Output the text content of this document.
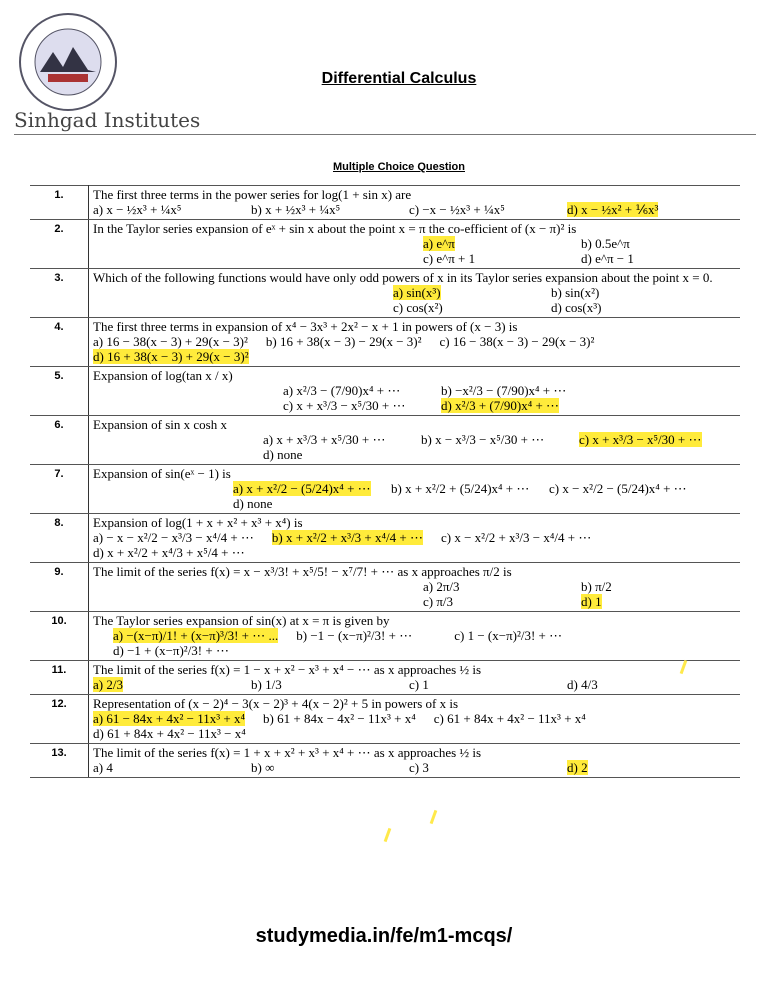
Sinhgad Institutes
Differential Calculus
Multiple Choice Question
1.	The first three terms in the power series for log(1 + sin x) are
a) x − ½x³ + ¼x⁵ b) x + ½x³ + ¼x⁵ c) −x − ½x³ + ¼x⁵ d) x − ½x² + ⅙x³

2.	In the Taylor series expansion of eˣ + sin x about the point x = π the co-efficient of (x − π)² is
a) e^π b) 0.5e^π
c) e^π + 1 d) e^π − 1

3.	Which of the following functions would have only odd powers of x in its Taylor series expansion about the point x = 0.
a) sin(x³) b) sin(x²)
c) cos(x²) d) cos(x³)

4.	The first three terms in expansion of x⁴ − 3x³ + 2x² − x + 1 in powers of (x − 3) is
a) 16 − 38(x − 3) + 29(x − 3)² b) 16 + 38(x − 3) − 29(x − 3)² c) 16 − 38(x − 3) − 29(x − 3)²
d) 16 + 38(x − 3) + 29(x − 3)²

5.	Expansion of log(tan x / x)
a) x²/3 − (7/90)x⁴ + ⋯ b) −x²/3 − (7/90)x⁴ + ⋯
c) x + x³/3 − x⁵/30 + ⋯ d) x²/3 + (7/90)x⁴ + ⋯

6.	Expansion of sin x cosh x
a) x + x³/3 + x⁵/30 + ⋯ b) x − x³/3 − x⁵/30 + ⋯ c) x + x³/3 − x⁵/30 + ⋯
d) none

7.	Expansion of sin(eˣ − 1) is
a) x + x²/2 − (5/24)x⁴ + ⋯ b) x + x²/2 + (5/24)x⁴ + ⋯ c) x − x²/2 − (5/24)x⁴ + ⋯
d) none

8.	Expansion of log(1 + x + x² + x³ + x⁴) is
a) − x − x²/2 − x³/3 − x⁴/4 + ⋯ b) x + x²/2 + x³/3 + x⁴/4 + ⋯ c) x − x²/2 + x³/3 − x⁴/4 + ⋯
d) x + x²/2 + x⁴/3 + x⁵/4 + ⋯

9.	The limit of the series f(x) = x − x³/3! + x⁵/5! − x⁷/7! + ⋯ as x approaches π/2 is
a) 2π/3 b) π/2
c) π/3 d) 1

10.	The Taylor series expansion of sin(x) at x = π is given by
a) −(x−π)/1! + (x−π)³/3! + ⋯ ... b) −1 − (x−π)²/3! + ⋯ c) 1 − (x−π)²/3! + ⋯
d) −1 + (x−π)²/3! + ⋯

11.	The limit of the series f(x) = 1 − x + x² − x³ + x⁴ − ⋯ as x approaches ½ is
a) 2/3 b) 1/3 c) 1 d) 4/3

12.	Representation of (x − 2)⁴ − 3(x − 2)³ + 4(x − 2)² + 5 in powers of x is
a) 61 − 84x + 4x² − 11x³ + x⁴ b) 61 + 84x − 4x² − 11x³ + x⁴ c) 61 + 84x + 4x² − 11x³ + x⁴
d) 61 + 84x + 4x² − 11x³ − x⁴

13.	The limit of the series f(x) = 1 + x + x² + x³ + x⁴ + ⋯ as x approaches ½ is
a) 4 b) ∞ c) 3 d) 2
studymedia.in/fe/m1-mcqs/
